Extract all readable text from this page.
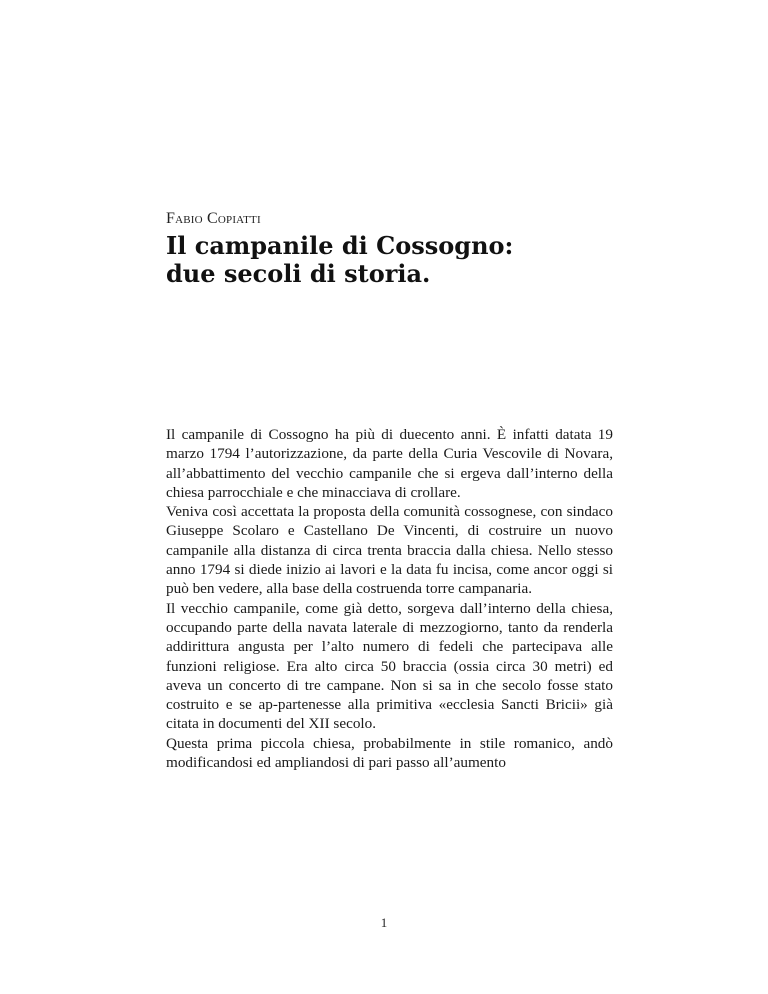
Fabio Copiatti
Il campanile di Cossogno:
due secoli di storia.

Il campanile di Cossogno ha più di duecento anni. È infatti datata 19 marzo 1794 l’autorizzazione, da parte della Curia Vescovile di Novara, all’abbattimento del vecchio campanile che si ergeva dall’interno della chiesa parrocchiale e che minacciava di crollare.

Veniva così accettata la proposta della comunità cossognese, con sindaco Giuseppe Scolaro e Castellano De Vincenti, di costruire un nuovo campanile alla distanza di circa trenta braccia dalla chiesa. Nello stesso anno 1794 si diede inizio ai lavori e la data fu incisa, come ancor oggi si può ben vedere, alla base della costruenda torre campanaria.

Il vecchio campanile, come già detto, sorgeva dall’interno della chiesa, occupando parte della navata laterale di mezzogiorno, tanto da renderla addirittura angusta per l’alto numero di fedeli che partecipava alle funzioni religiose. Era alto circa 50 braccia (ossia circa 30 metri) ed aveva un concerto di tre campane. Non si sa in che secolo fosse stato costruito e se ap-partenesse alla primitiva «ecclesia Sancti Bricii» già citata in documenti del XII secolo.

Questa prima piccola chiesa, probabilmente in stile romanico, andò modificandosi ed ampliandosi di pari passo all’aumento

1
